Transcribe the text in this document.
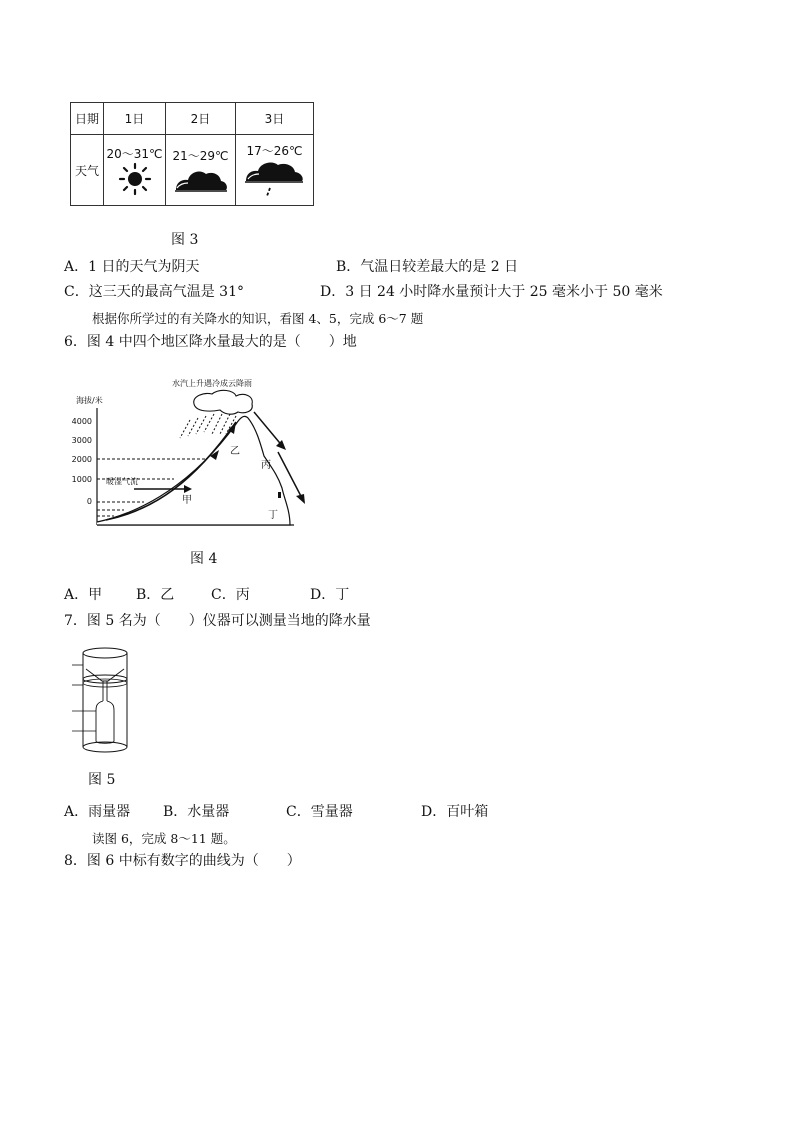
日期	1日	2日	3日
天气	20～31℃	21～29℃	17～26℃
图 3
A．1 日的天气为阴天	B．气温日较差最大的是 2 日
C．这三天的最高气温是 31°	D．3 日 24 小时降水量预计大于 25 毫米小于 50 毫米
根据你所学过的有关降水的知识，看图 4、5，完成 6～7 题
6．图 4 中四个地区降水量最大的是（　　）地
水汽上升遇冷成云降雨
海拔/米
4000
3000
2000
1000
0
暖湿气流
甲
乙
丙
丁
图 4
A．甲 B．乙	C．丙	D．丁
7．图 5 名为（　　）仪器可以测量当地的降水量
图 5
A．雨量器 B．水量器	C．雪量器	D．百叶箱
读图 6，完成 8～11 题。
8．图 6 中标有数字的曲线为（　　）
